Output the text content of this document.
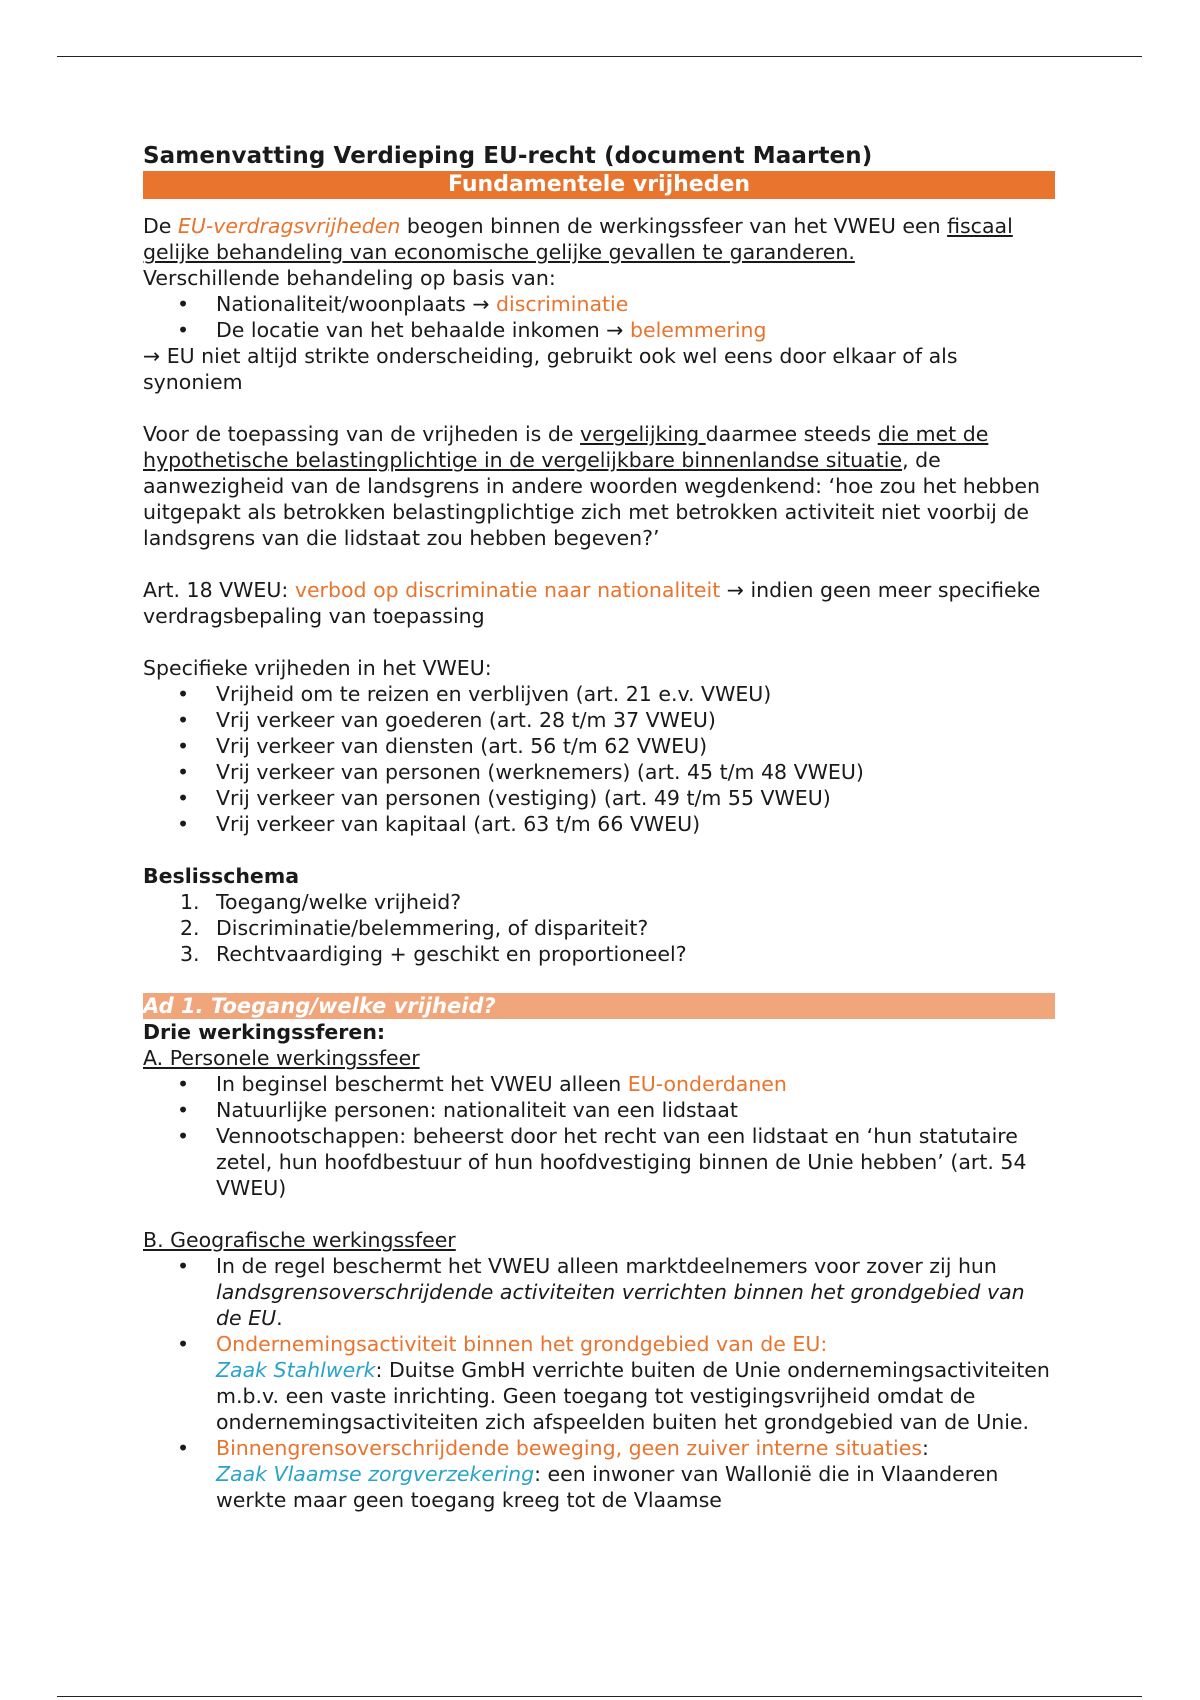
Samenvatting Verdieping EU-recht (document Maarten)
Fundamentele vrijheden

De EU-verdragsvrijheden beogen binnen de werkingssfeer van het VWEU een fiscaal gelijke behandeling van economische gelijke gevallen te garanderen.

Verschillende behandeling op basis van:

• Nationaliteit/woonplaats → discriminatie
• De locatie van het behaalde inkomen → belemmering

→ EU niet altijd strikte onderscheiding, gebruikt ook wel eens door elkaar of als synoniem

Voor de toepassing van de vrijheden is de vergelijking daarmee steeds die met de hypothetische belastingplichtige in de vergelijkbare binnenlandse situatie, de aanwezigheid van de landsgrens in andere woorden wegdenkend: ‘hoe zou het hebben uitgepakt als betrokken belastingplichtige zich met betrokken activiteit niet voorbij de landsgrens van die lidstaat zou hebben begeven?’

Art. 18 VWEU: verbod op discriminatie naar nationaliteit → indien geen meer specifieke verdragsbepaling van toepassing

Specifieke vrijheden in het VWEU:

• Vrijheid om te reizen en verblijven (art. 21 e.v. VWEU)
• Vrij verkeer van goederen (art. 28 t/m 37 VWEU)
• Vrij verkeer van diensten (art. 56 t/m 62 VWEU)
• Vrij verkeer van personen (werknemers) (art. 45 t/m 48 VWEU)
• Vrij verkeer van personen (vestiging) (art. 49 t/m 55 VWEU)
• Vrij verkeer van kapitaal (art. 63 t/m 66 VWEU)

Beslisschema

1. Toegang/welke vrijheid?
2. Discriminatie/belemmering, of dispariteit?
3. Rechtvaardiging + geschikt en proportioneel?
Ad 1. Toegang/welke vrijheid?

Drie werkingssferen:

A. Personele werkingssfeer

• In beginsel beschermt het VWEU alleen EU-onderdanen
• Natuurlijke personen: nationaliteit van een lidstaat
• Vennootschappen: beheerst door het recht van een lidstaat en ‘hun statutaire zetel, hun hoofdbestuur of hun hoofdvestiging binnen de Unie hebben’ (art. 54 VWEU)

B. Geografische werkingssfeer

• In de regel beschermt het VWEU alleen marktdeelnemers voor zover zij hun landsgrensoverschrijdende activiteiten verrichten binnen het grondgebied van de EU.
• Ondernemingsactiviteit binnen het grondgebied van de EU:
Zaak Stahlwerk: Duitse GmbH verrichte buiten de Unie ondernemingsactiviteiten m.b.v. een vaste inrichting. Geen toegang tot vestigingsvrijheid omdat de ondernemingsactiviteiten zich afspeelden buiten het grondgebied van de Unie.
• Binnengrensoverschrijdende beweging, geen zuiver interne situaties:
Zaak Vlaamse zorgverzekering: een inwoner van Wallonië die in Vlaanderen werkte maar geen toegang kreeg tot de Vlaamse
